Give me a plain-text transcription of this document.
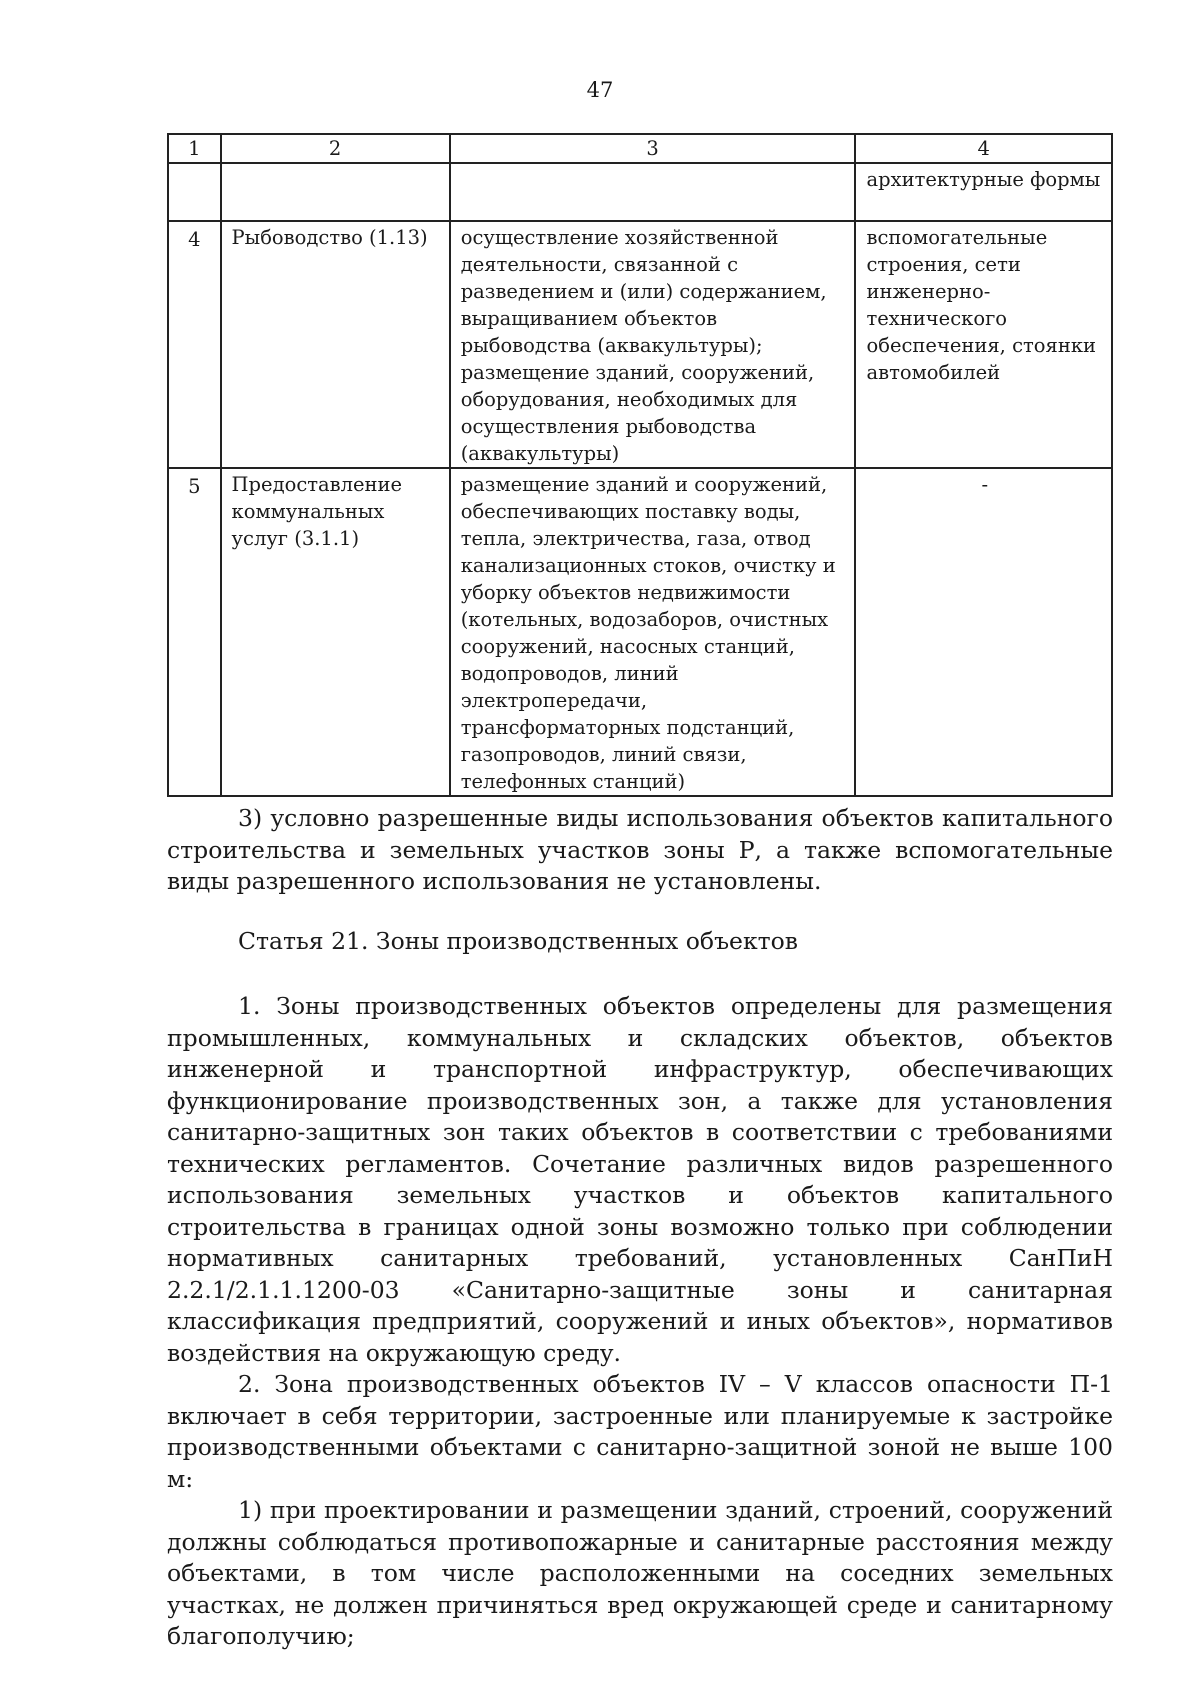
47
1	2	3	4

			архитектурные формы

4	Рыбоводство (1.13)	осуществление хозяйственной деятельности, связанной с разведением и (или) содержанием, выращиванием объектов рыбоводства (аквакультуры); размещение зданий, сооружений, оборудования, необходимых для осуществления рыбоводства (аквакультуры)	вспомогательные строения, сети инженерно-технического обеспечения, стоянки автомобилей

5	Предоставление коммунальных услуг (3.1.1)	размещение зданий и сооружений, обеспечивающих поставку воды, тепла, электричества, газа, отвод канализационных стоков, очистку и уборку объектов недвижимости (котельных, водозаборов, очистных сооружений, насосных станций, водопроводов, линий электропередачи, трансформаторных подстанций, газопроводов, линий связи, телефонных станций)	-

3) условно разрешенные виды использования объектов капитального строительства и земельных участков зоны Р, а также вспомогательные виды разрешенного использования не установлены.

Статья 21. Зоны производственных объектов

1. Зоны производственных объектов определены для размещения промышленных, коммунальных и складских объектов, объектов инженерной и транспортной инфраструктур, обеспечивающих функционирование производственных зон, а также для установления санитарно-защитных зон таких объектов в соответствии с требованиями технических регламентов. Сочетание различных видов разрешенного использования земельных участков и объектов капитального строительства в границах одной зоны возможно только при соблюдении нормативных санитарных требований, установленных СанПиН 2.2.1/2.1.1.1200-03 «Санитарно-защитные зоны и санитарная классификация предприятий, сооружений и иных объектов», нормативов воздействия на окружающую среду.

2. Зона производственных объектов IV – V классов опасности П-1 включает в себя территории, застроенные или планируемые к застройке производственными объектами с санитарно-защитной зоной не выше 100 м:

1) при проектировании и размещении зданий, строений, сооружений должны соблюдаться противопожарные и санитарные расстояния между объектами, в том числе расположенными на соседних земельных участках, не должен причиняться вред окружающей среде и санитарному благополучию;
